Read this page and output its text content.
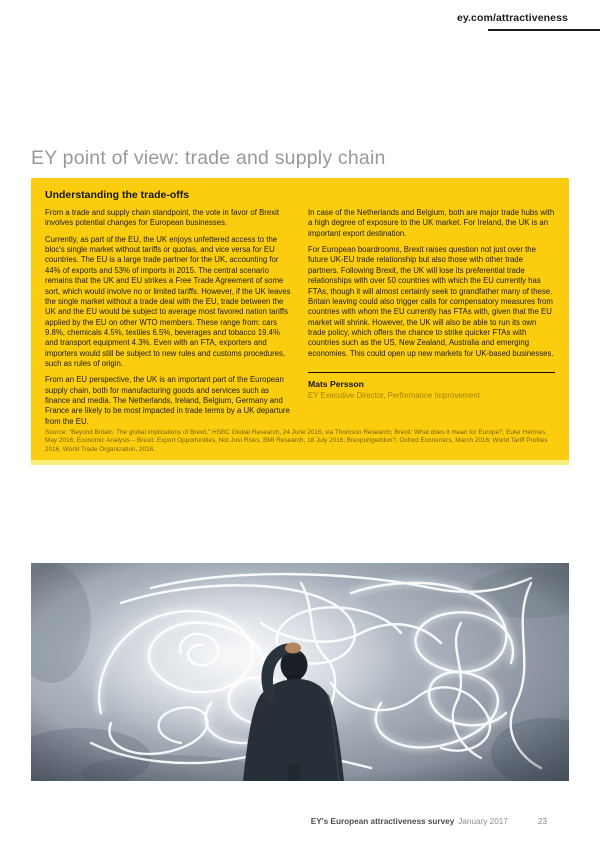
ey.com/attractiveness
EY point of view: trade and supply chain
Understanding the trade-offs

From a trade and supply chain standpoint, the vote in favor of Brexit involves potential changes for European businesses.

Currently, as part of the EU, the UK enjoys unfettered access to the bloc's single market without tariffs or quotas, and vice versa for EU countries. The EU is a large trade partner for the UK, accounting for 44% of exports and 53% of imports in 2015. The central scenario remains that the UK and EU strikes a Free Trade Agreement of some sort, which would involve no or limited tariffs. However, if the UK leaves the single market without a trade deal with the EU, trade between the UK and the EU would be subject to average most favored nation tariffs applied by the EU on other WTO members. These range from: cars 9.8%, chemicals 4.5%, textiles 6.5%, beverages and tobacco 19.4% and transport equipment 4.3%. Even with an FTA, exporters and importers would still be subject to new rules and customs procedures, such as rules of origin.

From an EU perspective, the UK is an important part of the European supply chain, both for manufacturing goods and services such as finance and media. The Netherlands, Ireland, Belgium, Germany and France are likely to be most impacted in trade terms by a UK departure from the EU.

In case of the Netherlands and Belgium, both are major trade hubs with a high degree of exposure to the UK market. For Ireland, the UK is an important export destination.

For European boardrooms, Brexit raises question not just over the future UK-EU trade relationship but also those with other trade partners. Following Brexit, the UK will lose its preferential trade relationships with over 50 countries with which the EU currently has FTAs, though it will almost certainly seek to grandfather many of these. Britain leaving could also trigger calls for compensatory measures from countries with whom the EU currently has FTAs with, given that the EU market will shrink. However, the UK will also be able to run its own trade policy, which offers the chance to strike quicker FTAs with countries such as the US, New Zealand, Australia and emerging economies. This could open up new markets for UK-based businesses.

Mats Persson
EY Executive Director, Performance Improvement
Source: "Beyond Britain: The global implications of Brexit," HSBC Global Research, 24 June 2016, via Thomson Research; Brexit: What does it mean for Europe?, Euler Hermes, May 2016; Economic Analysis – Brexit: Export Opportunities, Not Just Risks, BMI Research, 18 July 2016; Brexportgeddon?, Oxford Economics, March 2016; World Tariff Profiles 2016, World Trade Organization, 2016.
EY's European attractiveness survey January 2017	23
